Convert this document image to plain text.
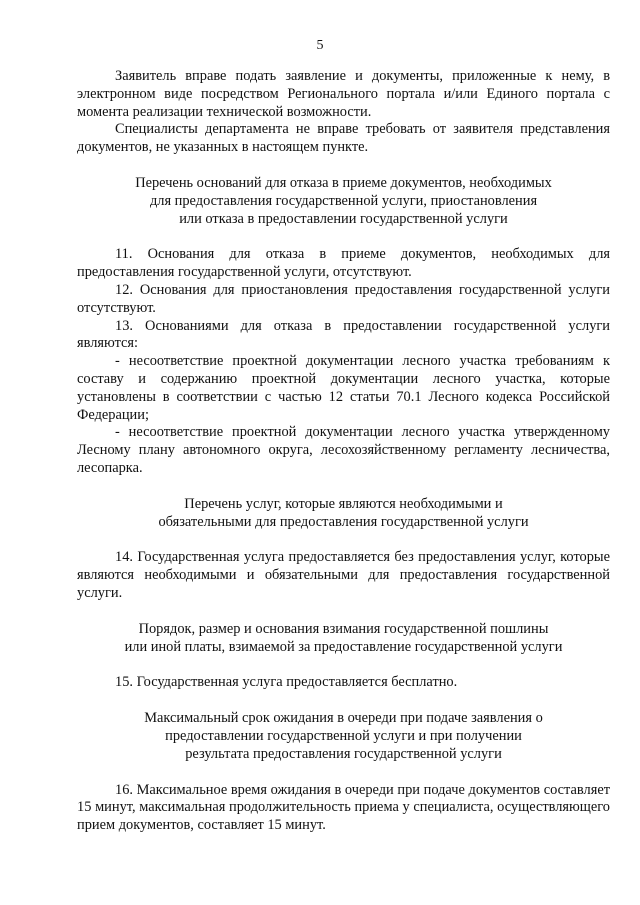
5

Заявитель вправе подать заявление и документы, приложенные к нему, в электронном виде посредством Регионального портала и/или Единого портала с момента реализации технической возможности.

Специалисты департамента не вправе требовать от заявителя представления документов, не указанных в настоящем пункте.

Перечень оснований для отказа в приеме документов, необходимых
для предоставления государственной услуги, приостановления
или отказа в предоставлении государственной услуги

11. Основания для отказа в приеме документов, необходимых для предоставления государственной услуги, отсутствуют.

12. Основания для приостановления предоставления государственной услуги отсутствуют.

13. Основаниями для отказа в предоставлении государственной услуги являются:

- несоответствие проектной документации лесного участка требованиям к составу и содержанию проектной документации лесного участка, которые установлены в соответствии с частью 12 статьи 70.1 Лесного кодекса Российской Федерации;

- несоответствие проектной документации лесного участка утвержденному Лесному плану автономного округа, лесохозяйственному регламенту лесничества, лесопарка.

Перечень услуг, которые являются необходимыми и
обязательными для предоставления государственной услуги

14. Государственная услуга предоставляется без предоставления услуг, которые являются необходимыми и обязательными для предоставления государственной услуги.

Порядок, размер и основания взимания государственной пошлины
или иной платы, взимаемой за предоставление государственной услуги

15. Государственная услуга предоставляется бесплатно.

Максимальный срок ожидания в очереди при подаче заявления о
предоставлении государственной услуги и при получении
результата предоставления государственной услуги

16. Максимальное время ожидания в очереди при подаче документов составляет 15 минут, максимальная продолжительность приема у специалиста, осуществляющего прием документов, составляет 15 минут.
